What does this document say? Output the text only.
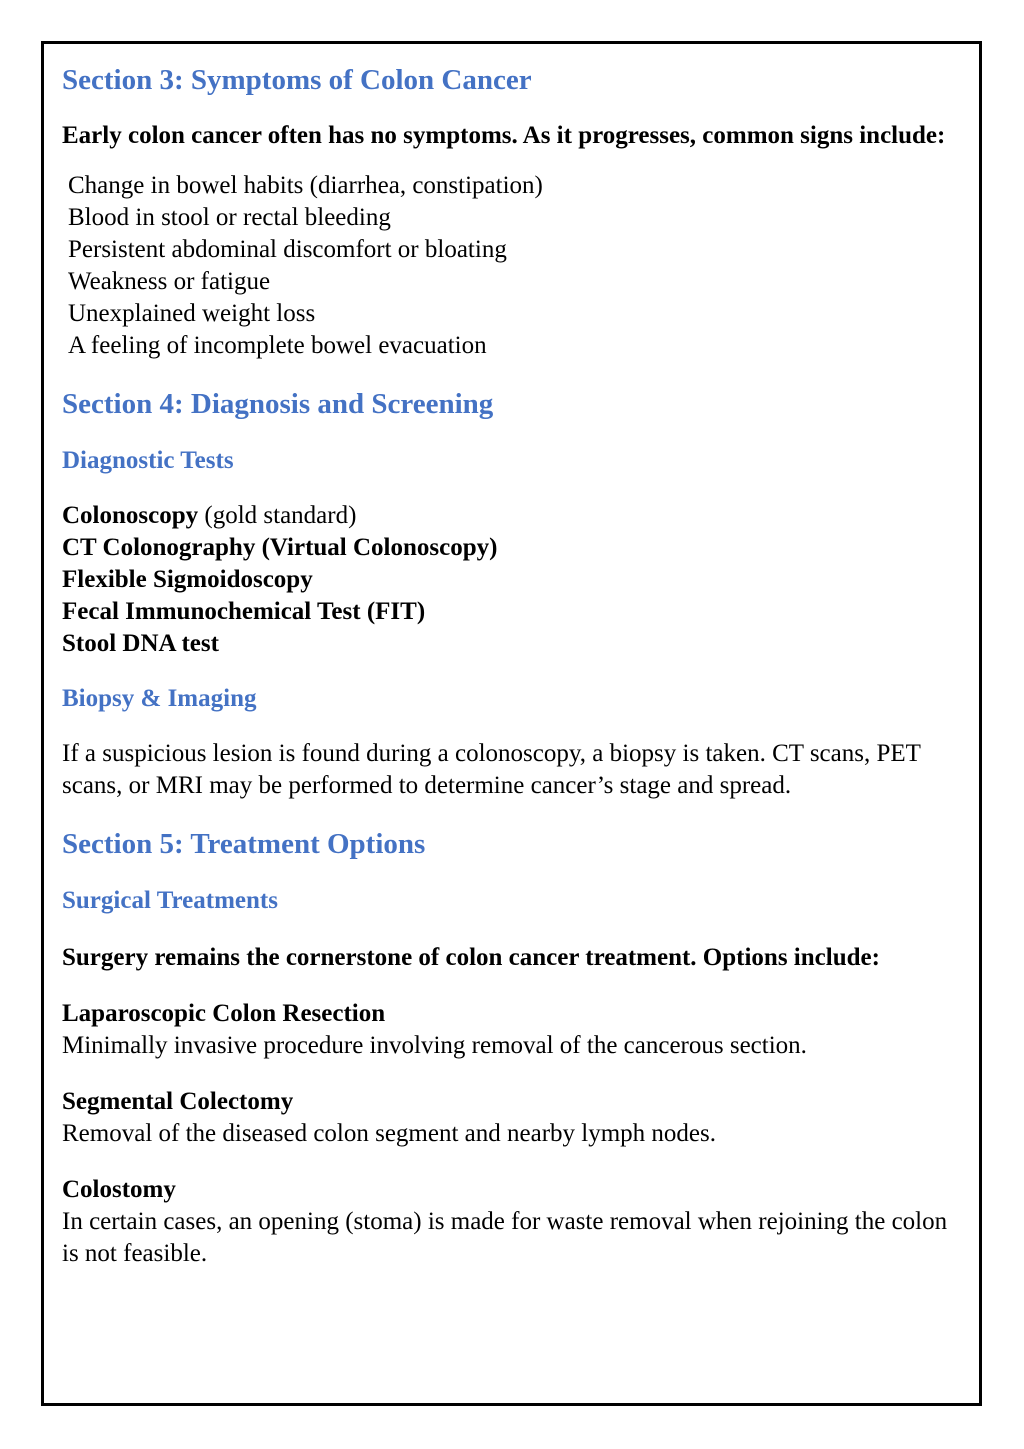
Section 3: Symptoms of Colon Cancer

Early colon cancer often has no symptoms. As it progresses, common signs include:

Change in bowel habits (diarrhea, constipation)
Blood in stool or rectal bleeding
Persistent abdominal discomfort or bloating
Weakness or fatigue
Unexplained weight loss
A feeling of incomplete bowel evacuation
Section 4: Diagnosis and Screening
Diagnostic Tests
Colonoscopy (gold standard)
CT Colonography (Virtual Colonoscopy)
Flexible Sigmoidoscopy
Fecal Immunochemical Test (FIT)
Stool DNA test
Biopsy & Imaging

If a suspicious lesion is found during a colonoscopy, a biopsy is taken. CT scans, PET scans, or MRI may be performed to determine cancer’s stage and spread.

Section 5: Treatment Options
Surgical Treatments

Surgery remains the cornerstone of colon cancer treatment. Options include:

Laparoscopic Colon Resection
Minimally invasive procedure involving removal of the cancerous section.
Segmental Colectomy
Removal of the diseased colon segment and nearby lymph nodes.
Colostomy
In certain cases, an opening (stoma) is made for waste removal when rejoining the colon is not feasible.
